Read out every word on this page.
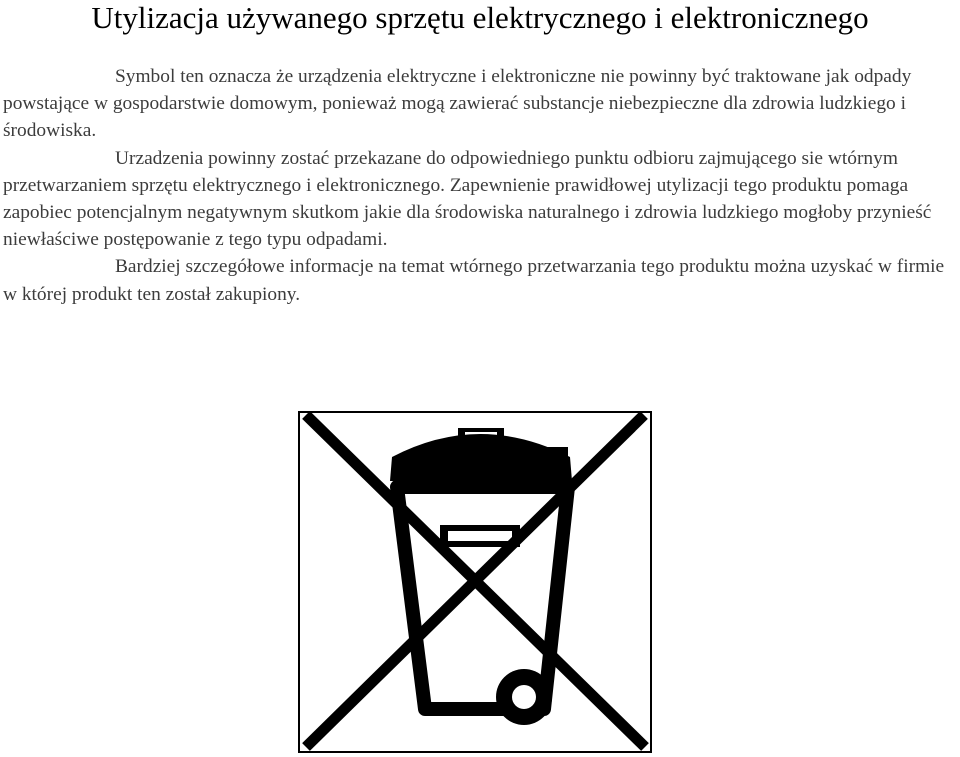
Utylizacja używanego sprzętu elektrycznego i elektronicznego

Symbol ten oznacza że urządzenia elektryczne i elektroniczne nie powinny być traktowane jak odpady powstające w gospodarstwie domowym, ponieważ mogą zawierać substancje niebezpieczne dla zdrowia ludzkiego i środowiska.

Urzadzenia powinny zostać przekazane do odpowiedniego punktu odbioru zajmującego sie wtórnym przetwarzaniem sprzętu elektrycznego i elektronicznego. Zapewnienie prawidłowej utylizacji tego produktu pomaga zapobiec potencjalnym negatywnym skutkom jakie dla środowiska naturalnego i zdrowia ludzkiego mogłoby przynieść niewłaściwe postępowanie z tego typu odpadami.

Bardziej szczegółowe informacje na temat wtórnego przetwarzania tego produktu można uzyskać w firmie w której produkt ten został zakupiony.
